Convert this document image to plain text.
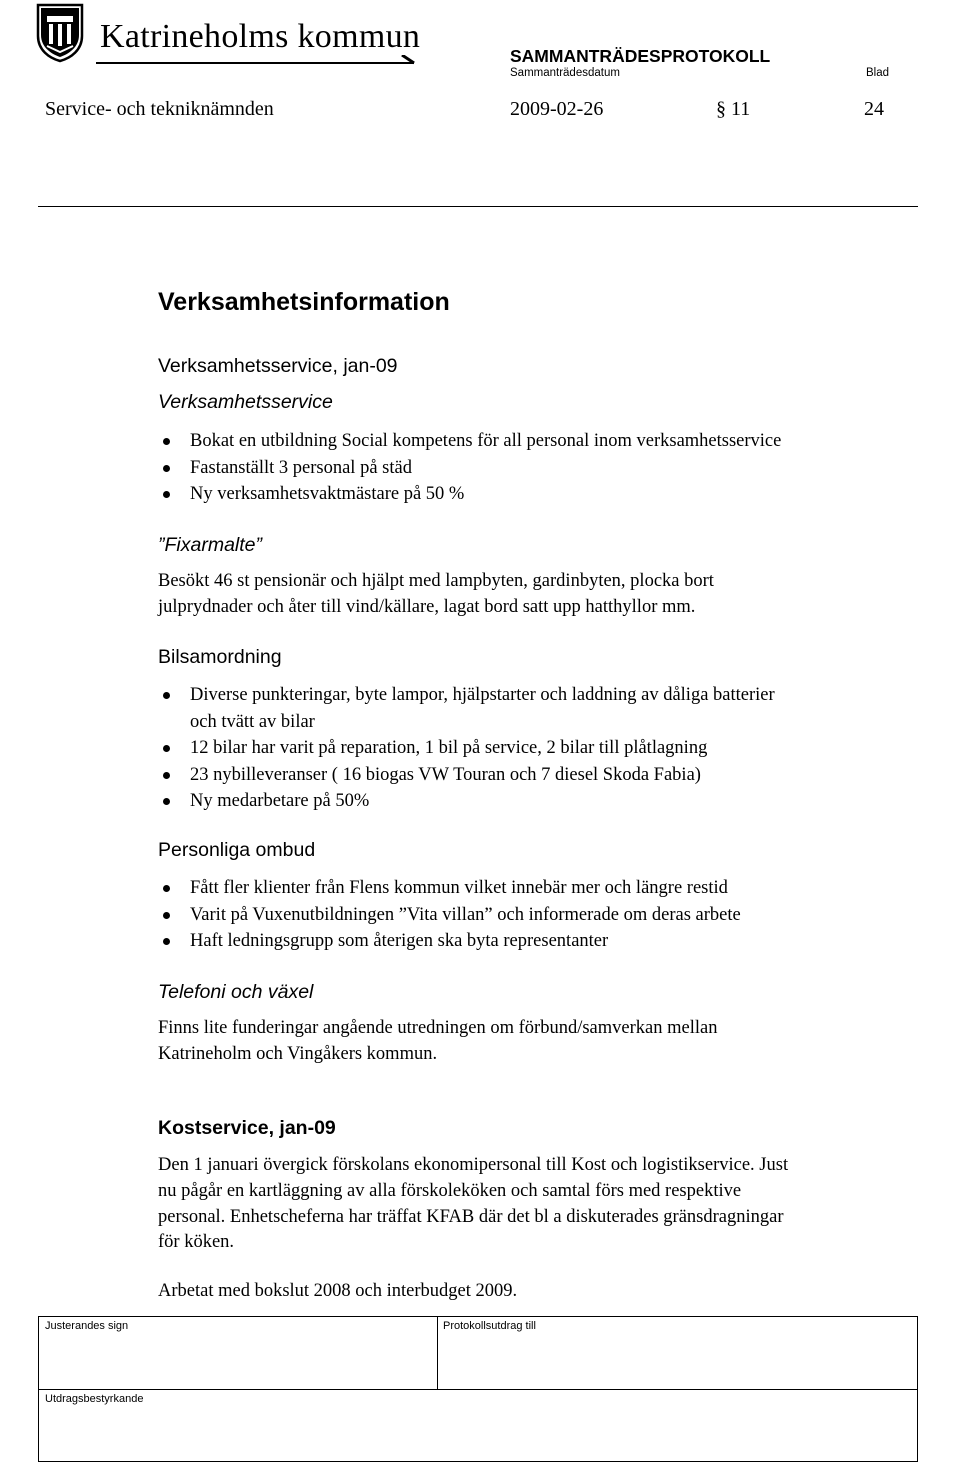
Katrineholms kommun
SAMMANTRÄDESPROTOKOLL
Sammanträdesdatum	Blad
Service- och tekniknämnden	2009-02-26	§ 11	24
Verksamhetsinformation
Verksamhetsservice, jan-09
Verksamhetsservice
Bokat en utbildning Social kompetens för all personal inom verksamhetsservice
Fastanställt 3 personal på städ
Ny verksamhetsvaktmästare på 50 %
”Fixarmalte”
Besökt 46 st pensionär och hjälpt med lampbyten, gardinbyten, plocka bort
julprydnader och åter till vind/källare, lagat bord satt upp hatthyllor mm.
Bilsamordning
Diverse punkteringar, byte lampor, hjälpstarter och laddning av dåliga batterier
och tvätt av bilar
12 bilar har varit på reparation, 1 bil på service, 2 bilar till plåtlagning
23 nybilleveranser ( 16 biogas VW Touran och 7 diesel Skoda Fabia)
Ny medarbetare på 50%
Personliga ombud
Fått fler klienter från Flens kommun vilket innebär mer och längre restid
Varit på Vuxenutbildningen ”Vita villan” och informerade om deras arbete
Haft ledningsgrupp som återigen ska byta representanter
Telefoni och växel
Finns lite funderingar angående utredningen om förbund/samverkan mellan
Katrineholm och Vingåkers kommun.
Kostservice, jan-09
Den 1 januari övergick förskolans ekonomipersonal till Kost och logistikservice. Just
nu pågår en kartläggning av alla förskoleköken och samtal förs med respektive
personal. Enhetscheferna har träffat KFAB där det bl a diskuterades gränsdragningar
för köken.
Arbetat med bokslut 2008 och interbudget 2009.
Justerandes sign	Protokollsutdrag till
Utdragsbestyrkande
